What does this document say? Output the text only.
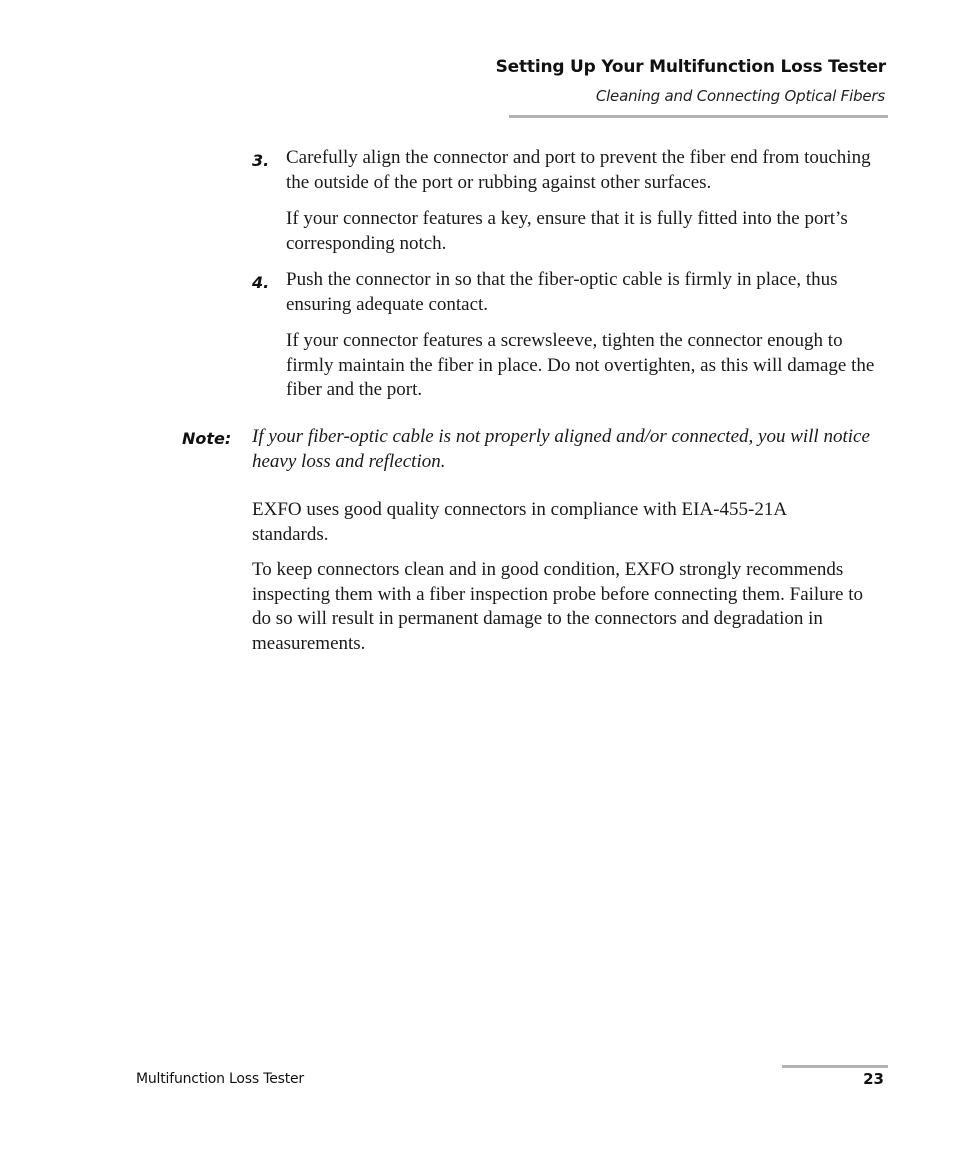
Setting Up Your Multifunction Loss Tester
Cleaning and Connecting Optical Fibers
3. Carefully align the connector and port to prevent the fiber end from touching the outside of the port or rubbing against other surfaces.

If your connector features a key, ensure that it is fully fitted into the port’s corresponding notch.

4. Push the connector in so that the fiber-optic cable is firmly in place, thus ensuring adequate contact.

If your connector features a screwsleeve, tighten the connector enough to firmly maintain the fiber in place. Do not overtighten, as this will damage the fiber and the port.

Note: If your fiber-optic cable is not properly aligned and/or connected, you will notice heavy loss and reflection.

EXFO uses good quality connectors in compliance with EIA-455-21A standards.

To keep connectors clean and in good condition, EXFO strongly recommends inspecting them with a fiber inspection probe before connecting them. Failure to do so will result in permanent damage to the connectors and degradation in measurements.

Multifunction Loss Tester	23
